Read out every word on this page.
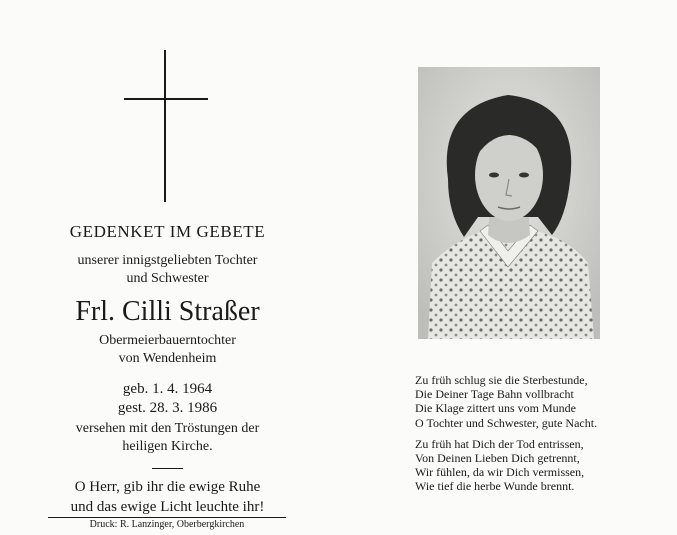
GEDENKET IM GEBETE
unserer innigstgeliebten Tochter
und Schwester
Frl. Cilli Straßer
Obermeierbauerntochter
von Wendenheim
geb. 1. 4. 1964
gest. 28. 3. 1986
versehen mit den Tröstungen der
heiligen Kirche.
O Herr, gib ihr die ewige Ruhe
und das ewige Licht leuchte ihr!
Druck: R. Lanzinger, Oberbergkirchen

Zu früh schlug sie die Sterbestunde,

Die Deiner Tage Bahn vollbracht

Die Klage zittert uns vom Munde

O Tochter und Schwester, gute Nacht.

Zu früh hat Dich der Tod entrissen,

Von Deinen Lieben Dich getrennt,

Wir fühlen, da wir Dich vermissen,

Wie tief die herbe Wunde brennt.
